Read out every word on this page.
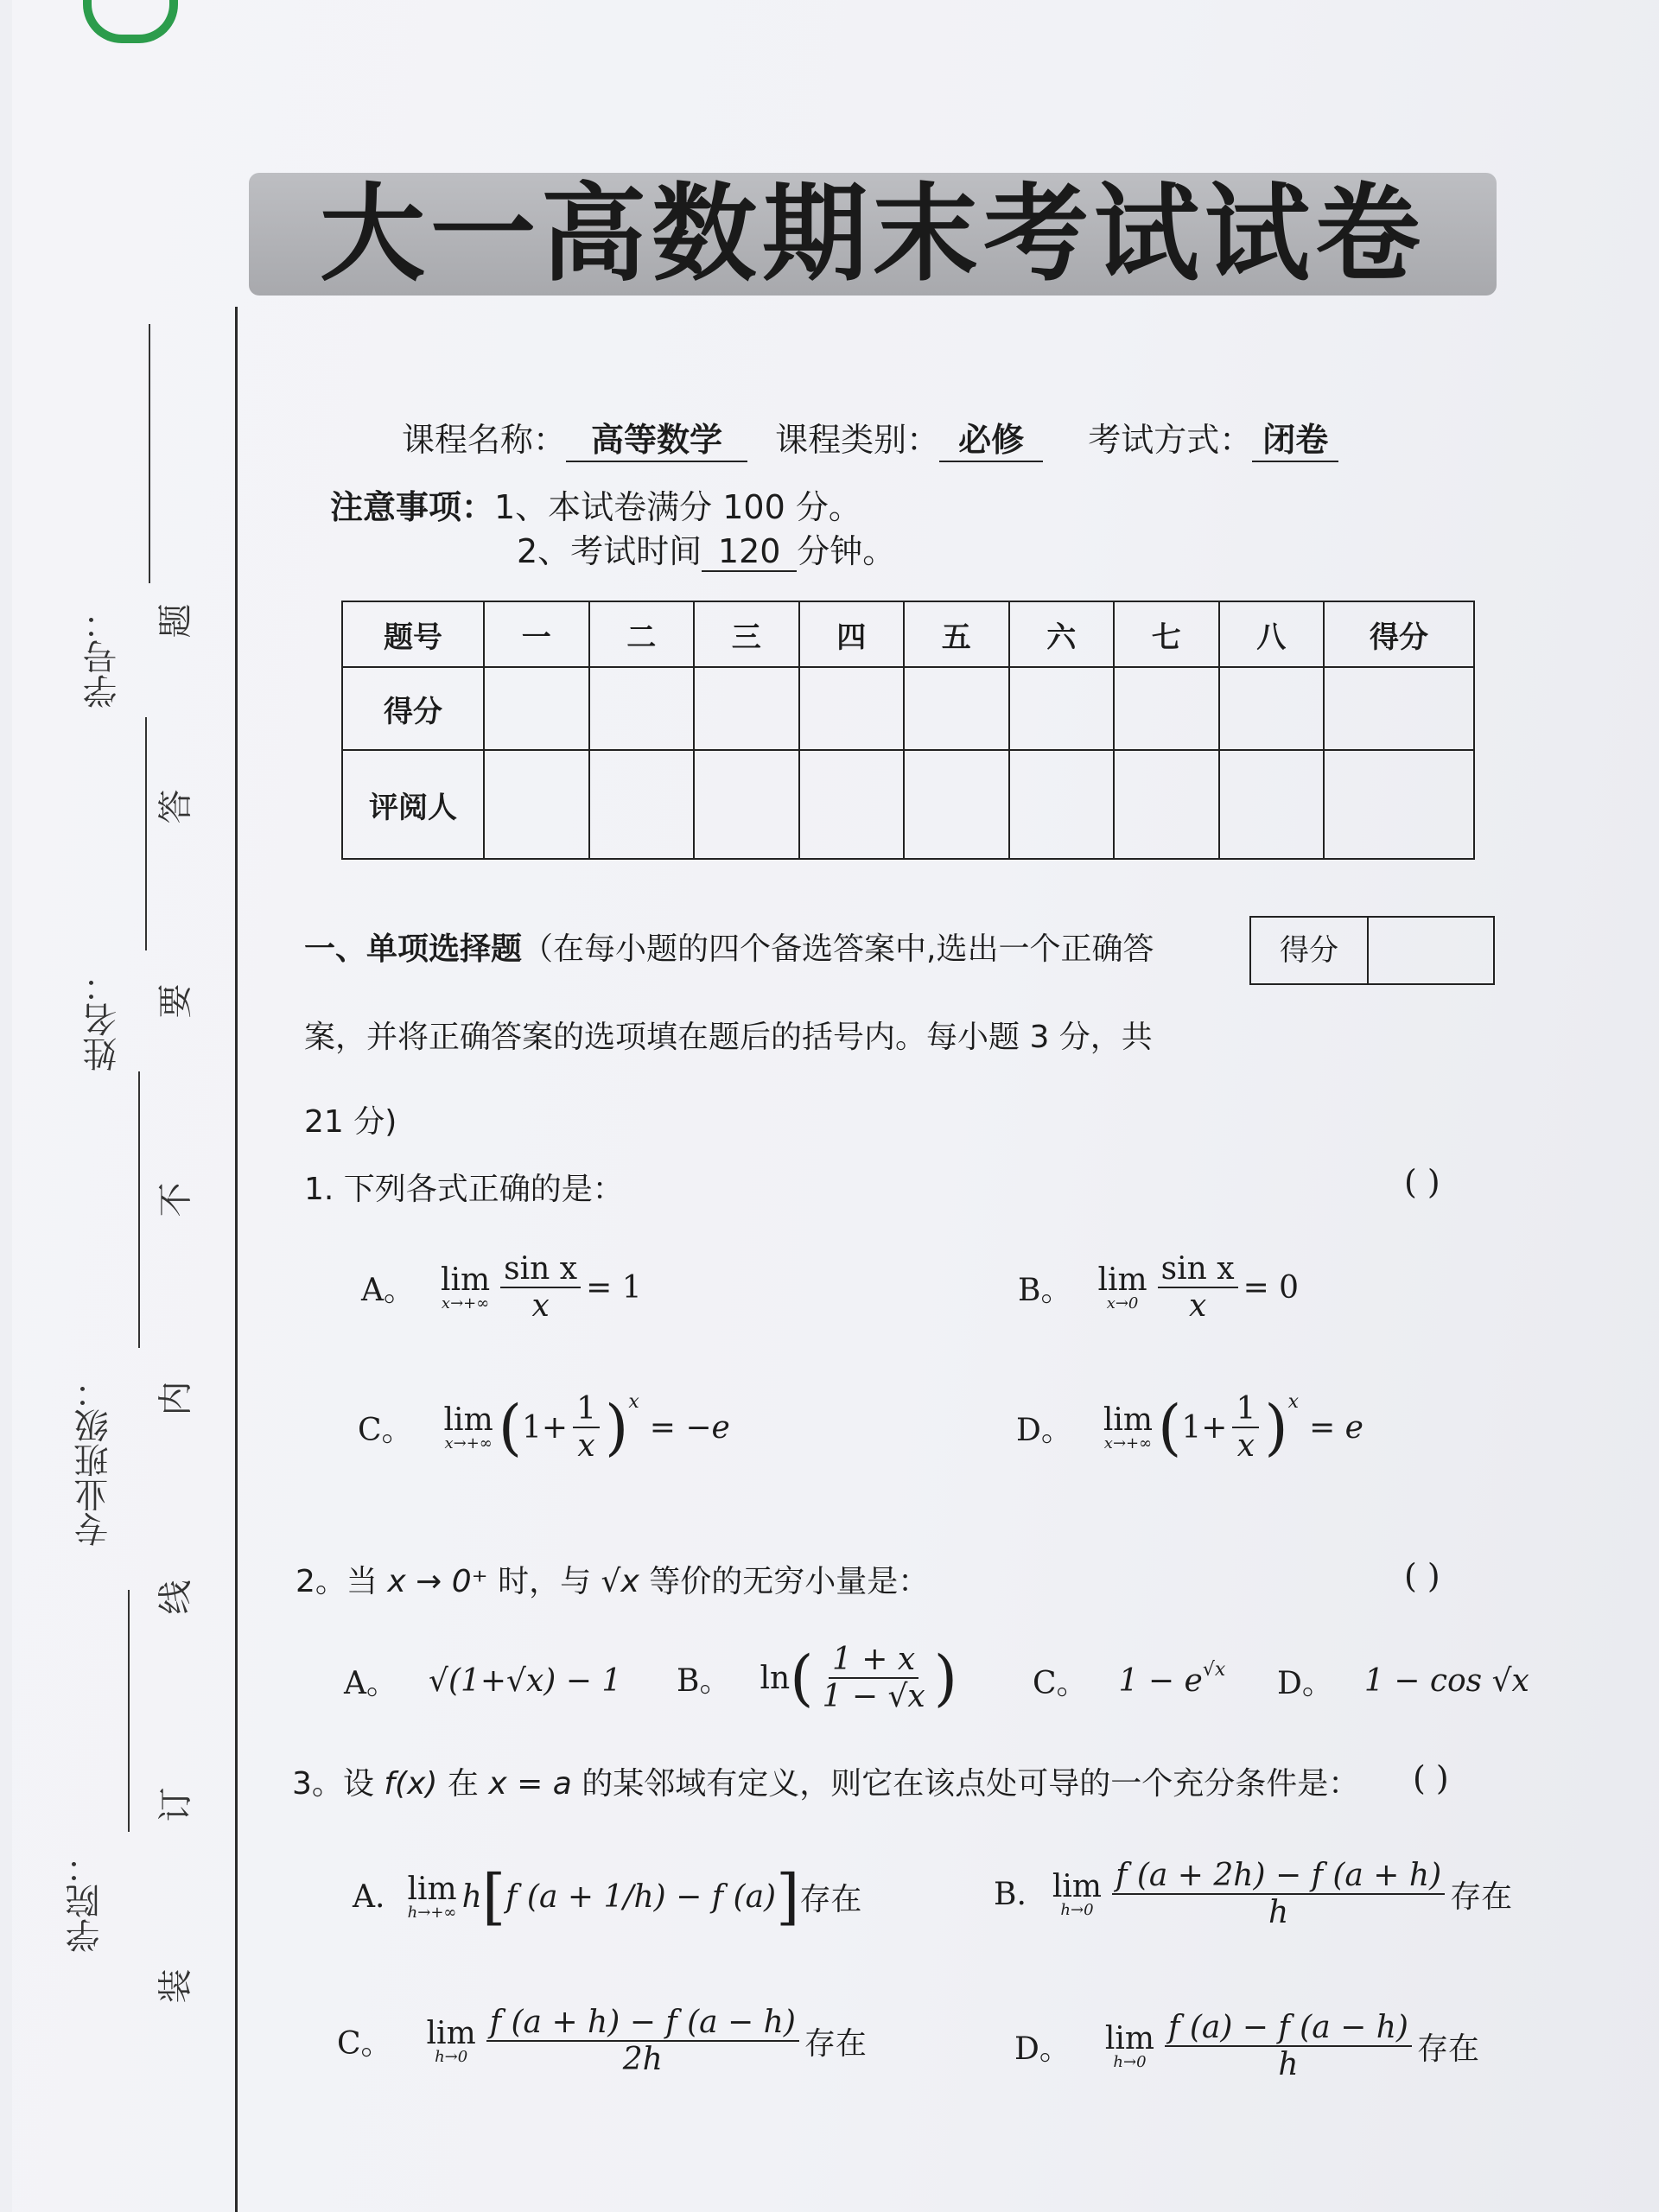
学号：
姓名：
专业班级：
学院：
题
答
要
不
内
线
订
装
大一高数期末考试试卷
课程名称： 高等数学 课程类别： 必修 考试方式： 闭卷
注意事项： 1、本试卷满分 100 分。
2、考试时间 120 分钟。
题号	一	二	三	四	五	六	七	八	得分
得分									
评阅人									
一、单项选择题（在每小题的四个备选答案中,选出一个正确答
案，并将正确答案的选项填在题后的括号内。每小题 3 分，共
21 分)
得分
1. 下列各式正确的是：	( )
A。 lim
$x\to+\infty \frac{\text{sin x}}{x} = 1$	B。 lim
$x\to 0 \frac{\text{sin x}}{x} = 0$
C。 lim
x→+∞ ( $1+ \frac{1}{x} )^x$
= −e	D。 lim
x→+∞ ( $1+ \frac{1}{x} )^x$
= e
2。当 x → 0⁺ 时，与 √x 等价的无穷小量是：	( )
A。 √(1+√x) − 1 B。 ln ( $\frac{1 + x}{1 - √x}$ ) C。 $1 - e^{√x}$ D。 1 − cos √x
3。设 f(x) 在 x = a 的某邻域有定义，则它在该点处可导的一个充分条件是： ( )
A. lim
h→+∞ h [ f (a + 1/h) − f (a) ] 存在	B. lim
$h\to 0 \frac{f (a + 2h) - f (a + h)}{h}$ 存在
C。 lim
$h\to 0 \frac{f (a + h) - f (a - h)}{2h}$ 存在	D。 lim
$h\to 0 \frac{f (a) - f (a - h)}{h}$ 存在
